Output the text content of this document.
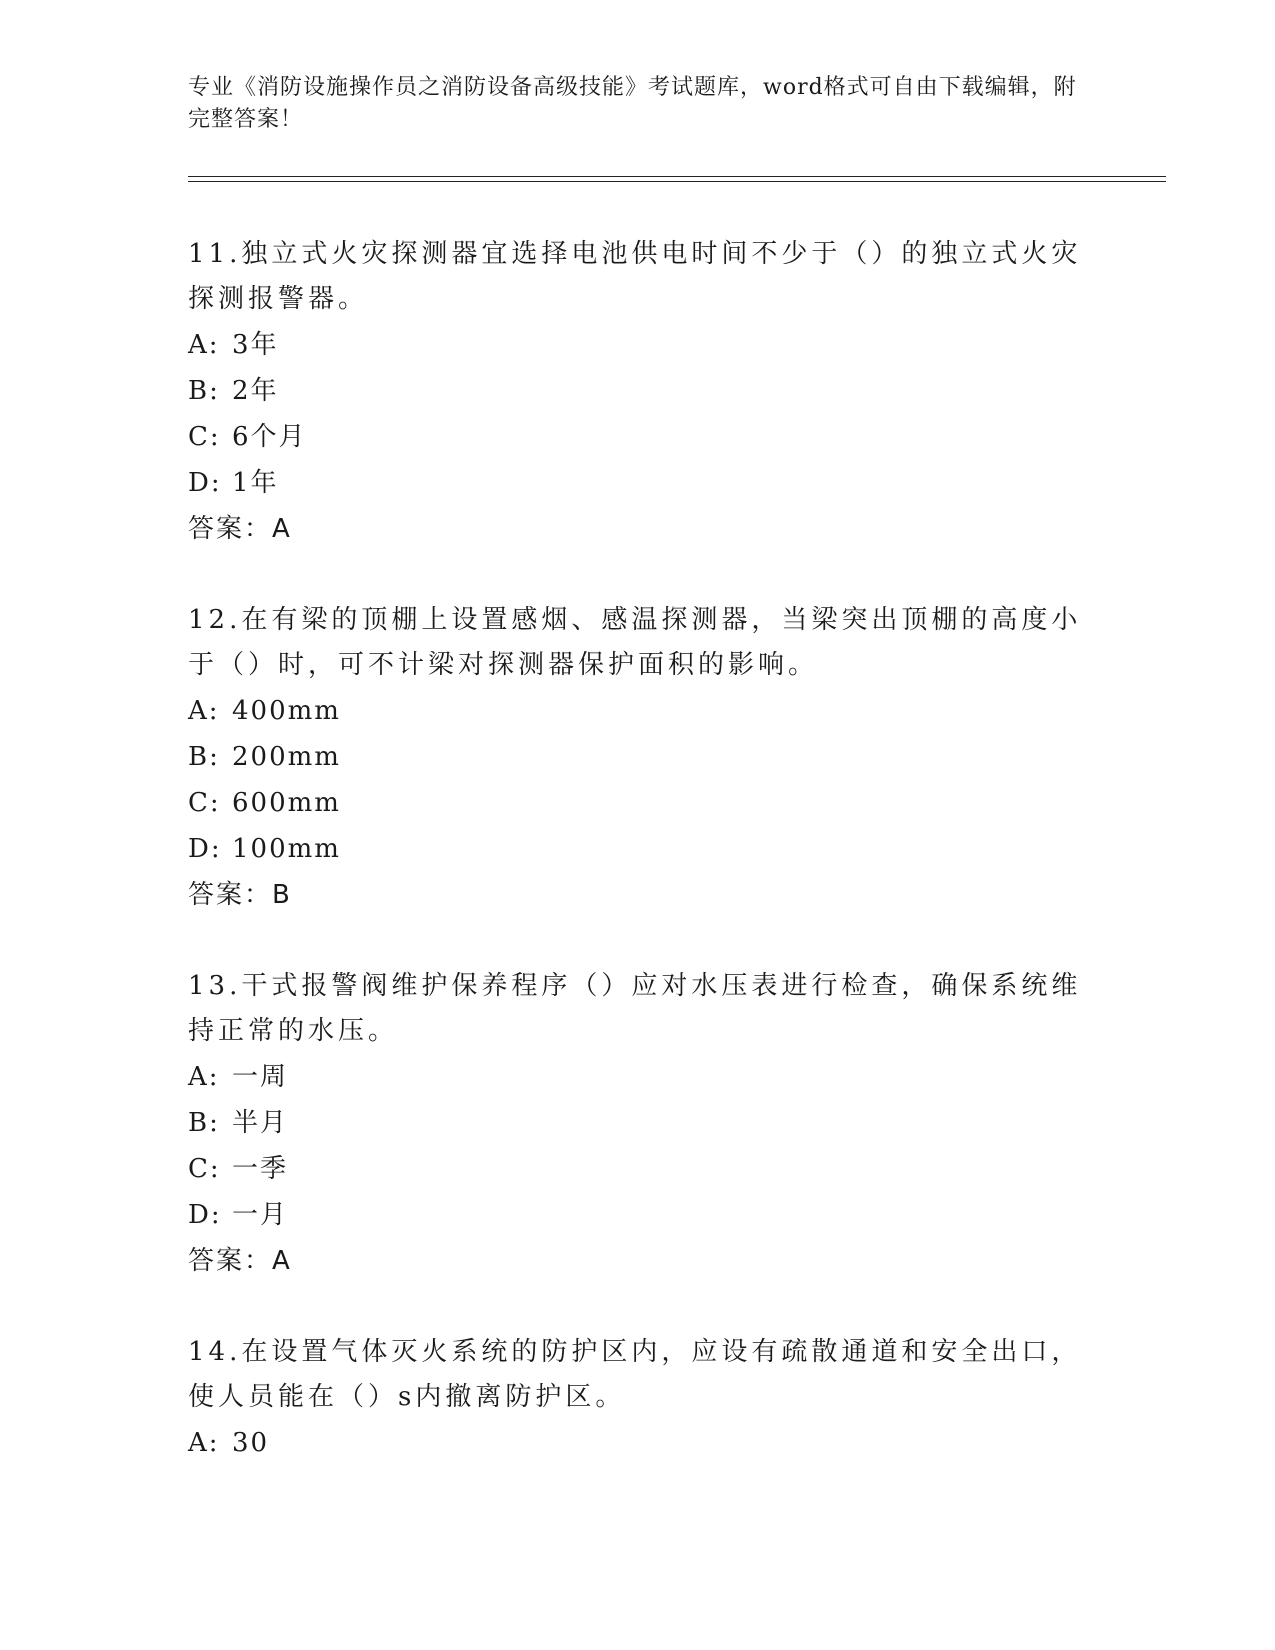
专业《消防设施操作员之消防设备高级技能》考试题库，word格式可自由下载编辑，附完整答案！

11.独立式火灾探测器宜选择电池供电时间不少于（）的独立式火灾探测报警器。

A: 3年
B: 2年
C: 6个月
D: 1年
答案：A

12.在有梁的顶棚上设置感烟、感温探测器，当梁突出顶棚的高度小于（）时，可不计梁对探测器保护面积的影响。

A: 400mm
B: 200mm
C: 600mm
D: 100mm
答案：B

13.干式报警阀维护保养程序（）应对水压表进行检查，确保系统维持正常的水压。

A: 一周
B: 半月
C: 一季
D: 一月
答案：A

14.在设置气体灭火系统的防护区内，应设有疏散通道和安全出口，使人员能在（）s内撤离防护区。

A: 30
